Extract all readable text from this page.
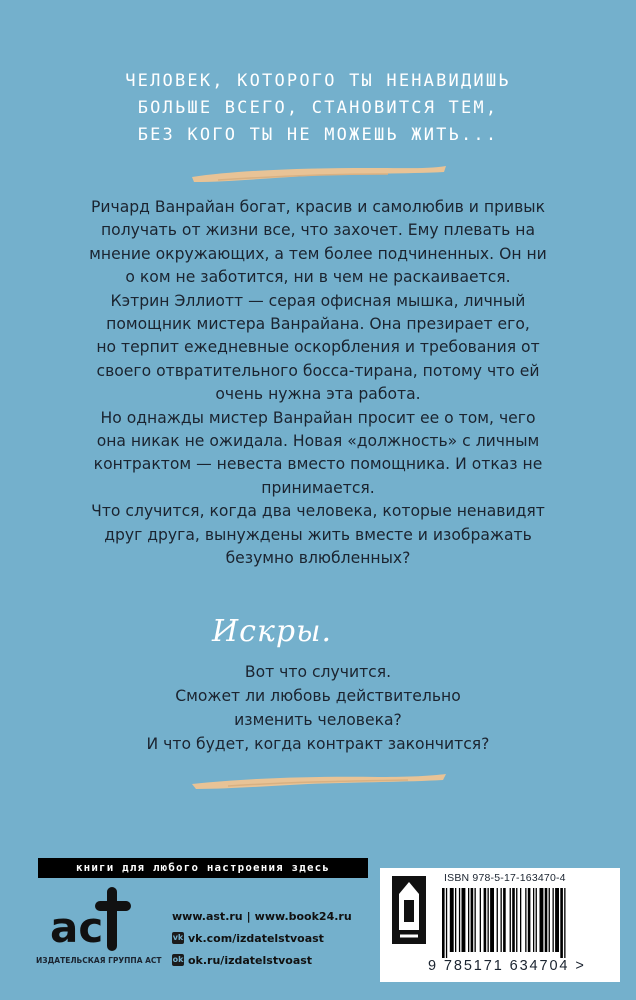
ЧЕЛОВЕК, КОТОРОГО ТЫ НЕНАВИДИШЬ
БОЛЬШЕ ВСЕГО, СТАНОВИТСЯ ТЕМ,
БЕЗ КОГО ТЫ НЕ МОЖЕШЬ ЖИТЬ...

Ричард Ванрайан богат, красив и самолюбив и привык
получать от жизни все, что захочет. Ему плевать на
мнение окружающих, а тем более подчиненных. Он ни
о ком не заботится, ни в чем не раскаивается.

Кэтрин Эллиотт — серая офисная мышка, личный
помощник мистера Ванрайана. Она презирает его,
но терпит ежедневные оскорбления и требования от
своего отвратительного босса-тирана, потому что ей
очень нужна эта работа.

Но однажды мистер Ванрайан просит ее о том, чего
она никак не ожидала. Новая «должность» с личным
контрактом — невеста вместо помощника. И отказ не
принимается.

Что случится, когда два человека, которые ненавидят
друг друга, вынуждены жить вместе и изображать
безумно влюбленных?

Искры.
Вот что случится.
Сможет ли любовь действительно
изменить человека?
И что будет, когда контракт закончится?
книги для любого настроения здесь
ac
ИЗДАТЕЛЬСКАЯ ГРУППА АСТ
www.ast.ru | www.book24.ru
vk vk.com/izdatelstvoast
ok ok.ru/izdatelstvoast
ISBN 978-5-17-163470-4
9 785171 634704 >
